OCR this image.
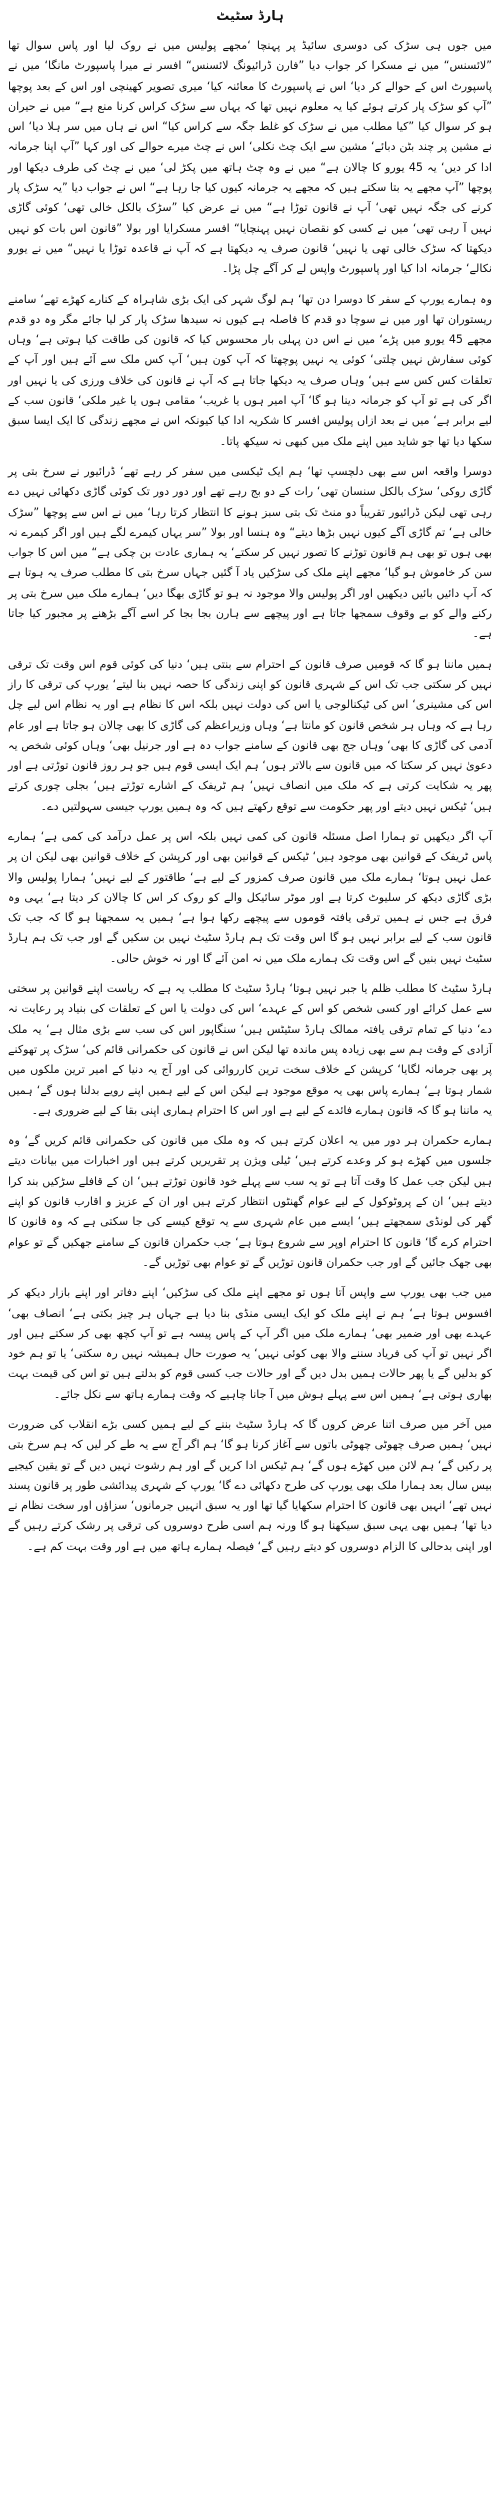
ہارڈ سٹیٹ
میں جوں ہی سڑک کی دوسری سائیڈ پر پہنچا ‘مجھے پولیس میں نے روک لیا اور پاس سوال تھا ”لائسنس“ میں نے مسکرا کر جواب دیا ”فارن ڈرائیونگ لائسنس“ افسر نے میرا پاسپورٹ مانگا‘ میں نے پاسپورٹ اس کے حوالے کر دیا‘ اس نے پاسپورٹ کا معائنہ کیا‘ میری تصویر کھینچی اور اس کے بعد پوچھا ”آپ کو سڑک پار کرتے ہوئے کیا یہ معلوم نہیں تھا کہ یہاں سے سڑک کراس کرنا منع ہے“ میں نے حیران ہو کر سوال کیا ”کیا مطلب میں نے سڑک کو غلط جگہ سے کراس کیا“ اس نے ہاں میں سر ہلا دیا‘ اس نے مشین پر چند بٹن دبائے‘ مشین سے ایک چٹ نکلی‘ اس نے چٹ میرے حوالے کی اور کہا ”آپ اپنا جرمانہ ادا کر دیں‘ یہ 45 یورو کا چالان ہے“ میں نے وہ چٹ ہاتھ میں پکڑ لی‘ میں نے چٹ کی طرف دیکھا اور پوچھا ”آپ مجھے یہ بتا سکتے ہیں کہ مجھے یہ جرمانہ کیوں کیا جا رہا ہے“ اس نے جواب دیا ”یہ سڑک پار کرنے کی جگہ نہیں تھی‘ آپ نے قانون توڑا ہے“ میں نے عرض کیا ”سڑک بالکل خالی تھی‘ کوئی گاڑی نہیں آ رہی تھی‘ میں نے کسی کو نقصان نہیں پہنچایا“ افسر مسکرایا اور بولا ”قانون اس بات کو نہیں دیکھتا کہ سڑک خالی تھی یا نہیں‘ قانون صرف یہ دیکھتا ہے کہ آپ نے قاعدہ توڑا یا نہیں“ میں نے یورو نکالے‘ جرمانہ ادا کیا اور پاسپورٹ واپس لے کر آگے چل پڑا۔
وہ ہمارے یورپ کے سفر کا دوسرا دن تھا‘ ہم لوگ شہر کی ایک بڑی شاہراہ کے کنارے کھڑے تھے‘ سامنے ریستوران تھا اور میں نے سوچا دو قدم کا فاصلہ ہے کیوں نہ سیدھا سڑک پار کر لیا جائے مگر وہ دو قدم مجھے 45 یورو میں پڑے‘ میں نے اس دن پہلی بار محسوس کیا کہ قانون کی طاقت کیا ہوتی ہے‘ وہاں کوئی سفارش نہیں چلتی‘ کوئی یہ نہیں پوچھتا کہ آپ کون ہیں‘ آپ کس ملک سے آئے ہیں اور آپ کے تعلقات کس کس سے ہیں‘ وہاں صرف یہ دیکھا جاتا ہے کہ آپ نے قانون کی خلاف ورزی کی یا نہیں اور اگر کی ہے تو آپ کو جرمانہ دینا ہو گا‘ آپ امیر ہوں یا غریب‘ مقامی ہوں یا غیر ملکی‘ قانون سب کے لیے برابر ہے‘ میں نے بعد ازاں پولیس افسر کا شکریہ ادا کیا کیونکہ اس نے مجھے زندگی کا ایک ایسا سبق سکھا دیا تھا جو شاید میں اپنے ملک میں کبھی نہ سیکھ پاتا۔
دوسرا واقعہ اس سے بھی دلچسپ تھا‘ ہم ایک ٹیکسی میں سفر کر رہے تھے‘ ڈرائیور نے سرخ بتی پر گاڑی روکی‘ سڑک بالکل سنسان تھی‘ رات کے دو بج رہے تھے اور دور دور تک کوئی گاڑی دکھائی نہیں دے رہی تھی لیکن ڈرائیور تقریباً دو منٹ تک بتی سبز ہونے کا انتظار کرتا رہا‘ میں نے اس سے پوچھا ”سڑک خالی ہے‘ تم گاڑی آگے کیوں نہیں بڑھا دیتے“ وہ ہنسا اور بولا ”سر یہاں کیمرے لگے ہیں اور اگر کیمرے نہ بھی ہوں تو بھی ہم قانون توڑنے کا تصور نہیں کر سکتے‘ یہ ہماری عادت بن چکی ہے“ میں اس کا جواب سن کر خاموش ہو گیا‘ مجھے اپنے ملک کی سڑکیں یاد آ گئیں جہاں سرخ بتی کا مطلب صرف یہ ہوتا ہے کہ آپ دائیں بائیں دیکھیں اور اگر پولیس والا موجود نہ ہو تو گاڑی بھگا دیں‘ ہمارے ملک میں سرخ بتی پر رکنے والے کو بے وقوف سمجھا جاتا ہے اور پیچھے سے ہارن بجا بجا کر اسے آگے بڑھنے پر مجبور کیا جاتا ہے۔
ہمیں ماننا ہو گا کہ قومیں صرف قانون کے احترام سے بنتی ہیں‘ دنیا کی کوئی قوم اس وقت تک ترقی نہیں کر سکتی جب تک اس کے شہری قانون کو اپنی زندگی کا حصہ نہیں بنا لیتے‘ یورپ کی ترقی کا راز اس کی مشینری‘ اس کی ٹیکنالوجی یا اس کی دولت نہیں بلکہ اس کا نظام ہے اور یہ نظام اس لیے چل رہا ہے کہ وہاں ہر شخص قانون کو مانتا ہے‘ وہاں وزیراعظم کی گاڑی کا بھی چالان ہو جاتا ہے اور عام آدمی کی گاڑی کا بھی‘ وہاں جج بھی قانون کے سامنے جواب دہ ہے اور جرنیل بھی‘ وہاں کوئی شخص یہ دعویٰ نہیں کر سکتا کہ میں قانون سے بالاتر ہوں‘ ہم ایک ایسی قوم ہیں جو ہر روز قانون توڑتی ہے اور پھر یہ شکایت کرتی ہے کہ ملک میں انصاف نہیں‘ ہم ٹریفک کے اشارے توڑتے ہیں‘ بجلی چوری کرتے ہیں‘ ٹیکس نہیں دیتے اور پھر حکومت سے توقع رکھتے ہیں کہ وہ ہمیں یورپ جیسی سہولتیں دے۔
آپ اگر دیکھیں تو ہمارا اصل مسئلہ قانون کی کمی نہیں بلکہ اس پر عمل درآمد کی کمی ہے‘ ہمارے پاس ٹریفک کے قوانین بھی موجود ہیں‘ ٹیکس کے قوانین بھی اور کرپشن کے خلاف قوانین بھی لیکن ان پر عمل نہیں ہوتا‘ ہمارے ملک میں قانون صرف کمزور کے لیے ہے‘ طاقتور کے لیے نہیں‘ ہمارا پولیس والا بڑی گاڑی دیکھ کر سلیوٹ کرتا ہے اور موٹر سائیکل والے کو روک کر اس کا چالان کر دیتا ہے‘ یہی وہ فرق ہے جس نے ہمیں ترقی یافتہ قوموں سے پیچھے رکھا ہوا ہے‘ ہمیں یہ سمجھنا ہو گا کہ جب تک قانون سب کے لیے برابر نہیں ہو گا اس وقت تک ہم ہارڈ سٹیٹ نہیں بن سکیں گے اور جب تک ہم ہارڈ سٹیٹ نہیں بنیں گے اس وقت تک ہمارے ملک میں نہ امن آئے گا اور نہ خوش حالی۔
ہارڈ سٹیٹ کا مطلب ظلم یا جبر نہیں ہوتا‘ ہارڈ سٹیٹ کا مطلب یہ ہے کہ ریاست اپنے قوانین پر سختی سے عمل کرائے اور کسی شخص کو اس کے عہدے‘ اس کی دولت یا اس کے تعلقات کی بنیاد پر رعایت نہ دے‘ دنیا کے تمام ترقی یافتہ ممالک ہارڈ سٹیٹس ہیں‘ سنگاپور اس کی سب سے بڑی مثال ہے‘ یہ ملک آزادی کے وقت ہم سے بھی زیادہ پس ماندہ تھا لیکن اس نے قانون کی حکمرانی قائم کی‘ سڑک پر تھوکنے پر بھی جرمانہ لگایا‘ کرپشن کے خلاف سخت ترین کارروائی کی اور آج یہ دنیا کے امیر ترین ملکوں میں شمار ہوتا ہے‘ ہمارے پاس بھی یہ موقع موجود ہے لیکن اس کے لیے ہمیں اپنے رویے بدلنا ہوں گے‘ ہمیں یہ ماننا ہو گا کہ قانون ہمارے فائدے کے لیے ہے اور اس کا احترام ہماری اپنی بقا کے لیے ضروری ہے۔
ہمارے حکمران ہر دور میں یہ اعلان کرتے ہیں کہ وہ ملک میں قانون کی حکمرانی قائم کریں گے‘ وہ جلسوں میں کھڑے ہو کر وعدے کرتے ہیں‘ ٹیلی ویژن پر تقریریں کرتے ہیں اور اخبارات میں بیانات دیتے ہیں لیکن جب عمل کا وقت آتا ہے تو یہ سب سے پہلے خود قانون توڑتے ہیں‘ ان کے قافلے سڑکیں بند کرا دیتے ہیں‘ ان کے پروٹوکول کے لیے عوام گھنٹوں انتظار کرتے ہیں اور ان کے عزیز و اقارب قانون کو اپنے گھر کی لونڈی سمجھتے ہیں‘ ایسے میں عام شہری سے یہ توقع کیسے کی جا سکتی ہے کہ وہ قانون کا احترام کرے گا‘ قانون کا احترام اوپر سے شروع ہوتا ہے‘ جب حکمران قانون کے سامنے جھکیں گے تو عوام بھی جھک جائیں گے اور جب حکمران قانون توڑیں گے تو عوام بھی توڑیں گے۔
میں جب بھی یورپ سے واپس آتا ہوں تو مجھے اپنے ملک کی سڑکیں‘ اپنے دفاتر اور اپنے بازار دیکھ کر افسوس ہوتا ہے‘ ہم نے اپنے ملک کو ایک ایسی منڈی بنا دیا ہے جہاں ہر چیز بکتی ہے‘ انصاف بھی‘ عہدے بھی اور ضمیر بھی‘ ہمارے ملک میں اگر آپ کے پاس پیسہ ہے تو آپ کچھ بھی کر سکتے ہیں اور اگر نہیں تو آپ کی فریاد سننے والا بھی کوئی نہیں‘ یہ صورت حال ہمیشہ نہیں رہ سکتی‘ یا تو ہم خود کو بدلیں گے یا پھر حالات ہمیں بدل دیں گے اور حالات جب کسی قوم کو بدلتے ہیں تو اس کی قیمت بہت بھاری ہوتی ہے‘ ہمیں اس سے پہلے ہوش میں آ جانا چاہیے کہ وقت ہمارے ہاتھ سے نکل جائے۔
میں آخر میں صرف اتنا عرض کروں گا کہ ہارڈ سٹیٹ بننے کے لیے ہمیں کسی بڑے انقلاب کی ضرورت نہیں‘ ہمیں صرف چھوٹی چھوٹی باتوں سے آغاز کرنا ہو گا‘ ہم اگر آج سے یہ طے کر لیں کہ ہم سرخ بتی پر رکیں گے‘ ہم لائن میں کھڑے ہوں گے‘ ہم ٹیکس ادا کریں گے اور ہم رشوت نہیں دیں گے تو یقین کیجیے بیس سال بعد ہمارا ملک بھی یورپ کی طرح دکھائی دے گا‘ یورپ کے شہری پیدائشی طور پر قانون پسند نہیں تھے‘ انہیں بھی قانون کا احترام سکھایا گیا تھا اور یہ سبق انہیں جرمانوں‘ سزاؤں اور سخت نظام نے دیا تھا‘ ہمیں بھی یہی سبق سیکھنا ہو گا ورنہ ہم اسی طرح دوسروں کی ترقی پر رشک کرتے رہیں گے اور اپنی بدحالی کا الزام دوسروں کو دیتے رہیں گے‘ فیصلہ ہمارے ہاتھ میں ہے اور وقت بہت کم ہے۔
